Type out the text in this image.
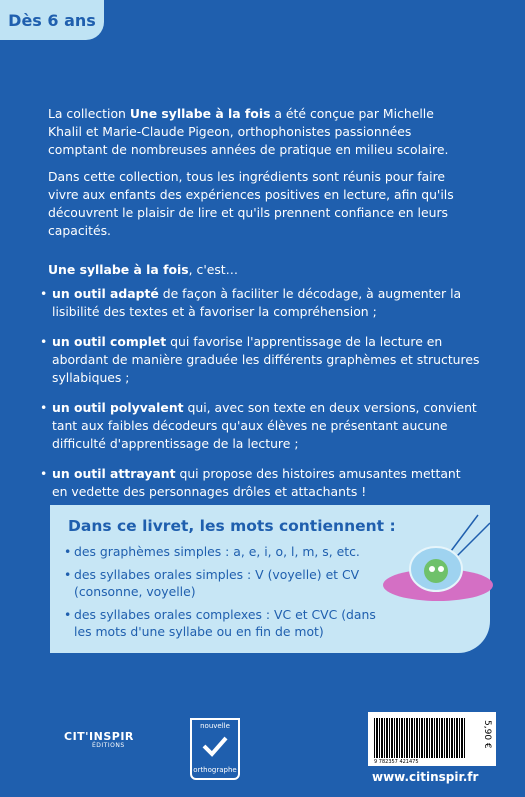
Dès 6 ans
La collection Une syllabe à la fois a été conçue par Michelle Khalil et Marie-Claude Pigeon, orthophonistes passionnées comptant de nombreuses années de pratique en milieu scolaire.
Dans cette collection, tous les ingrédients sont réunis pour faire vivre aux enfants des expériences positives en lecture, afin qu'ils découvrent le plaisir de lire et qu'ils prennent confiance en leurs capacités.
Une syllabe à la fois, c'est…
• un outil adapté de façon à faciliter le décodage, à augmenter la lisibilité des textes et à favoriser la compréhension ;
• un outil complet qui favorise l'apprentissage de la lecture en abordant de manière graduée les différents graphèmes et structures syllabiques ;
• un outil polyvalent qui, avec son texte en deux versions, convient tant aux faibles décodeurs qu'aux élèves ne présentant aucune difficulté d'apprentissage de la lecture ;
• un outil attrayant qui propose des histoires amusantes mettant en vedette des personnages drôles et attachants !
Dans ce livret, les mots contiennent :
• des graphèmes simples : a, e, i, o, l, m, s, etc.
• des syllabes orales simples : V (voyelle) et CV (consonne, voyelle)
• des syllabes orales complexes : VC et CVC (dans les mots d'une syllabe ou en fin de mot)
CIT'INSPIR
ÉDITIONS
nouvelle
orthographe
9 782357 421475
5,90 €
www.citinspir.fr
